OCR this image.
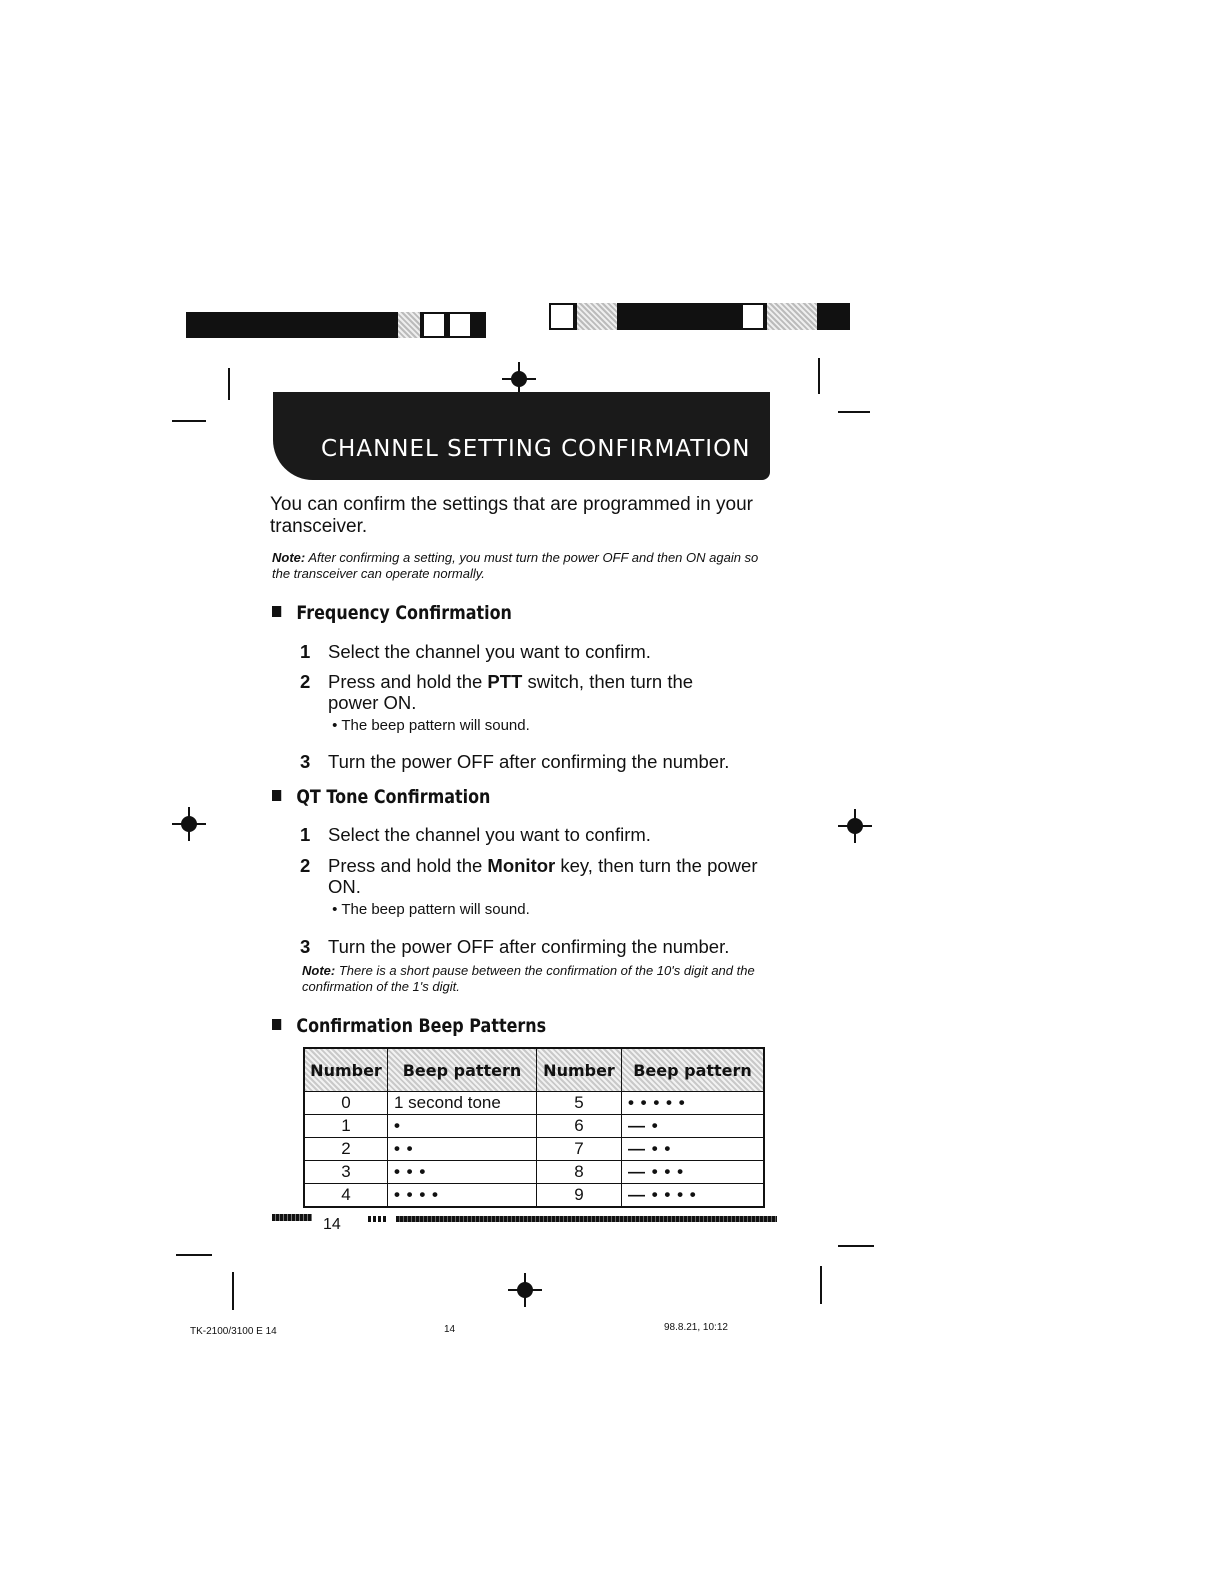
CHANNEL SETTING CONFIRMATION
You can confirm the settings that are programmed in your transceiver.
Note: After confirming a setting, you must turn the power OFF and then ON again so the transceiver can operate normally.
Frequency Confirmation
1 Select the channel you want to confirm.
2 Press and hold the PTT switch, then turn the power ON.
• The beep pattern will sound.
3 Turn the power OFF after confirming the number.
QT Tone Confirmation
1 Select the channel you want to confirm.
2 Press and hold the Monitor key, then turn the power ON.
• The beep pattern will sound.
3 Turn the power OFF after confirming the number.
Note: There is a short pause between the confirmation of the 10's digit and the confirmation of the 1's digit.
Confirmation Beep Patterns
Number	Beep pattern	Number	Beep pattern
0	1 second tone	5	• • • • •
1	•	6	— •
2	• •	7	— • •
3	• • •	8	— • • •
4	• • • •	9	— • • • •
14
TK-2100/3100 E 14	14	98.8.21, 10:12
